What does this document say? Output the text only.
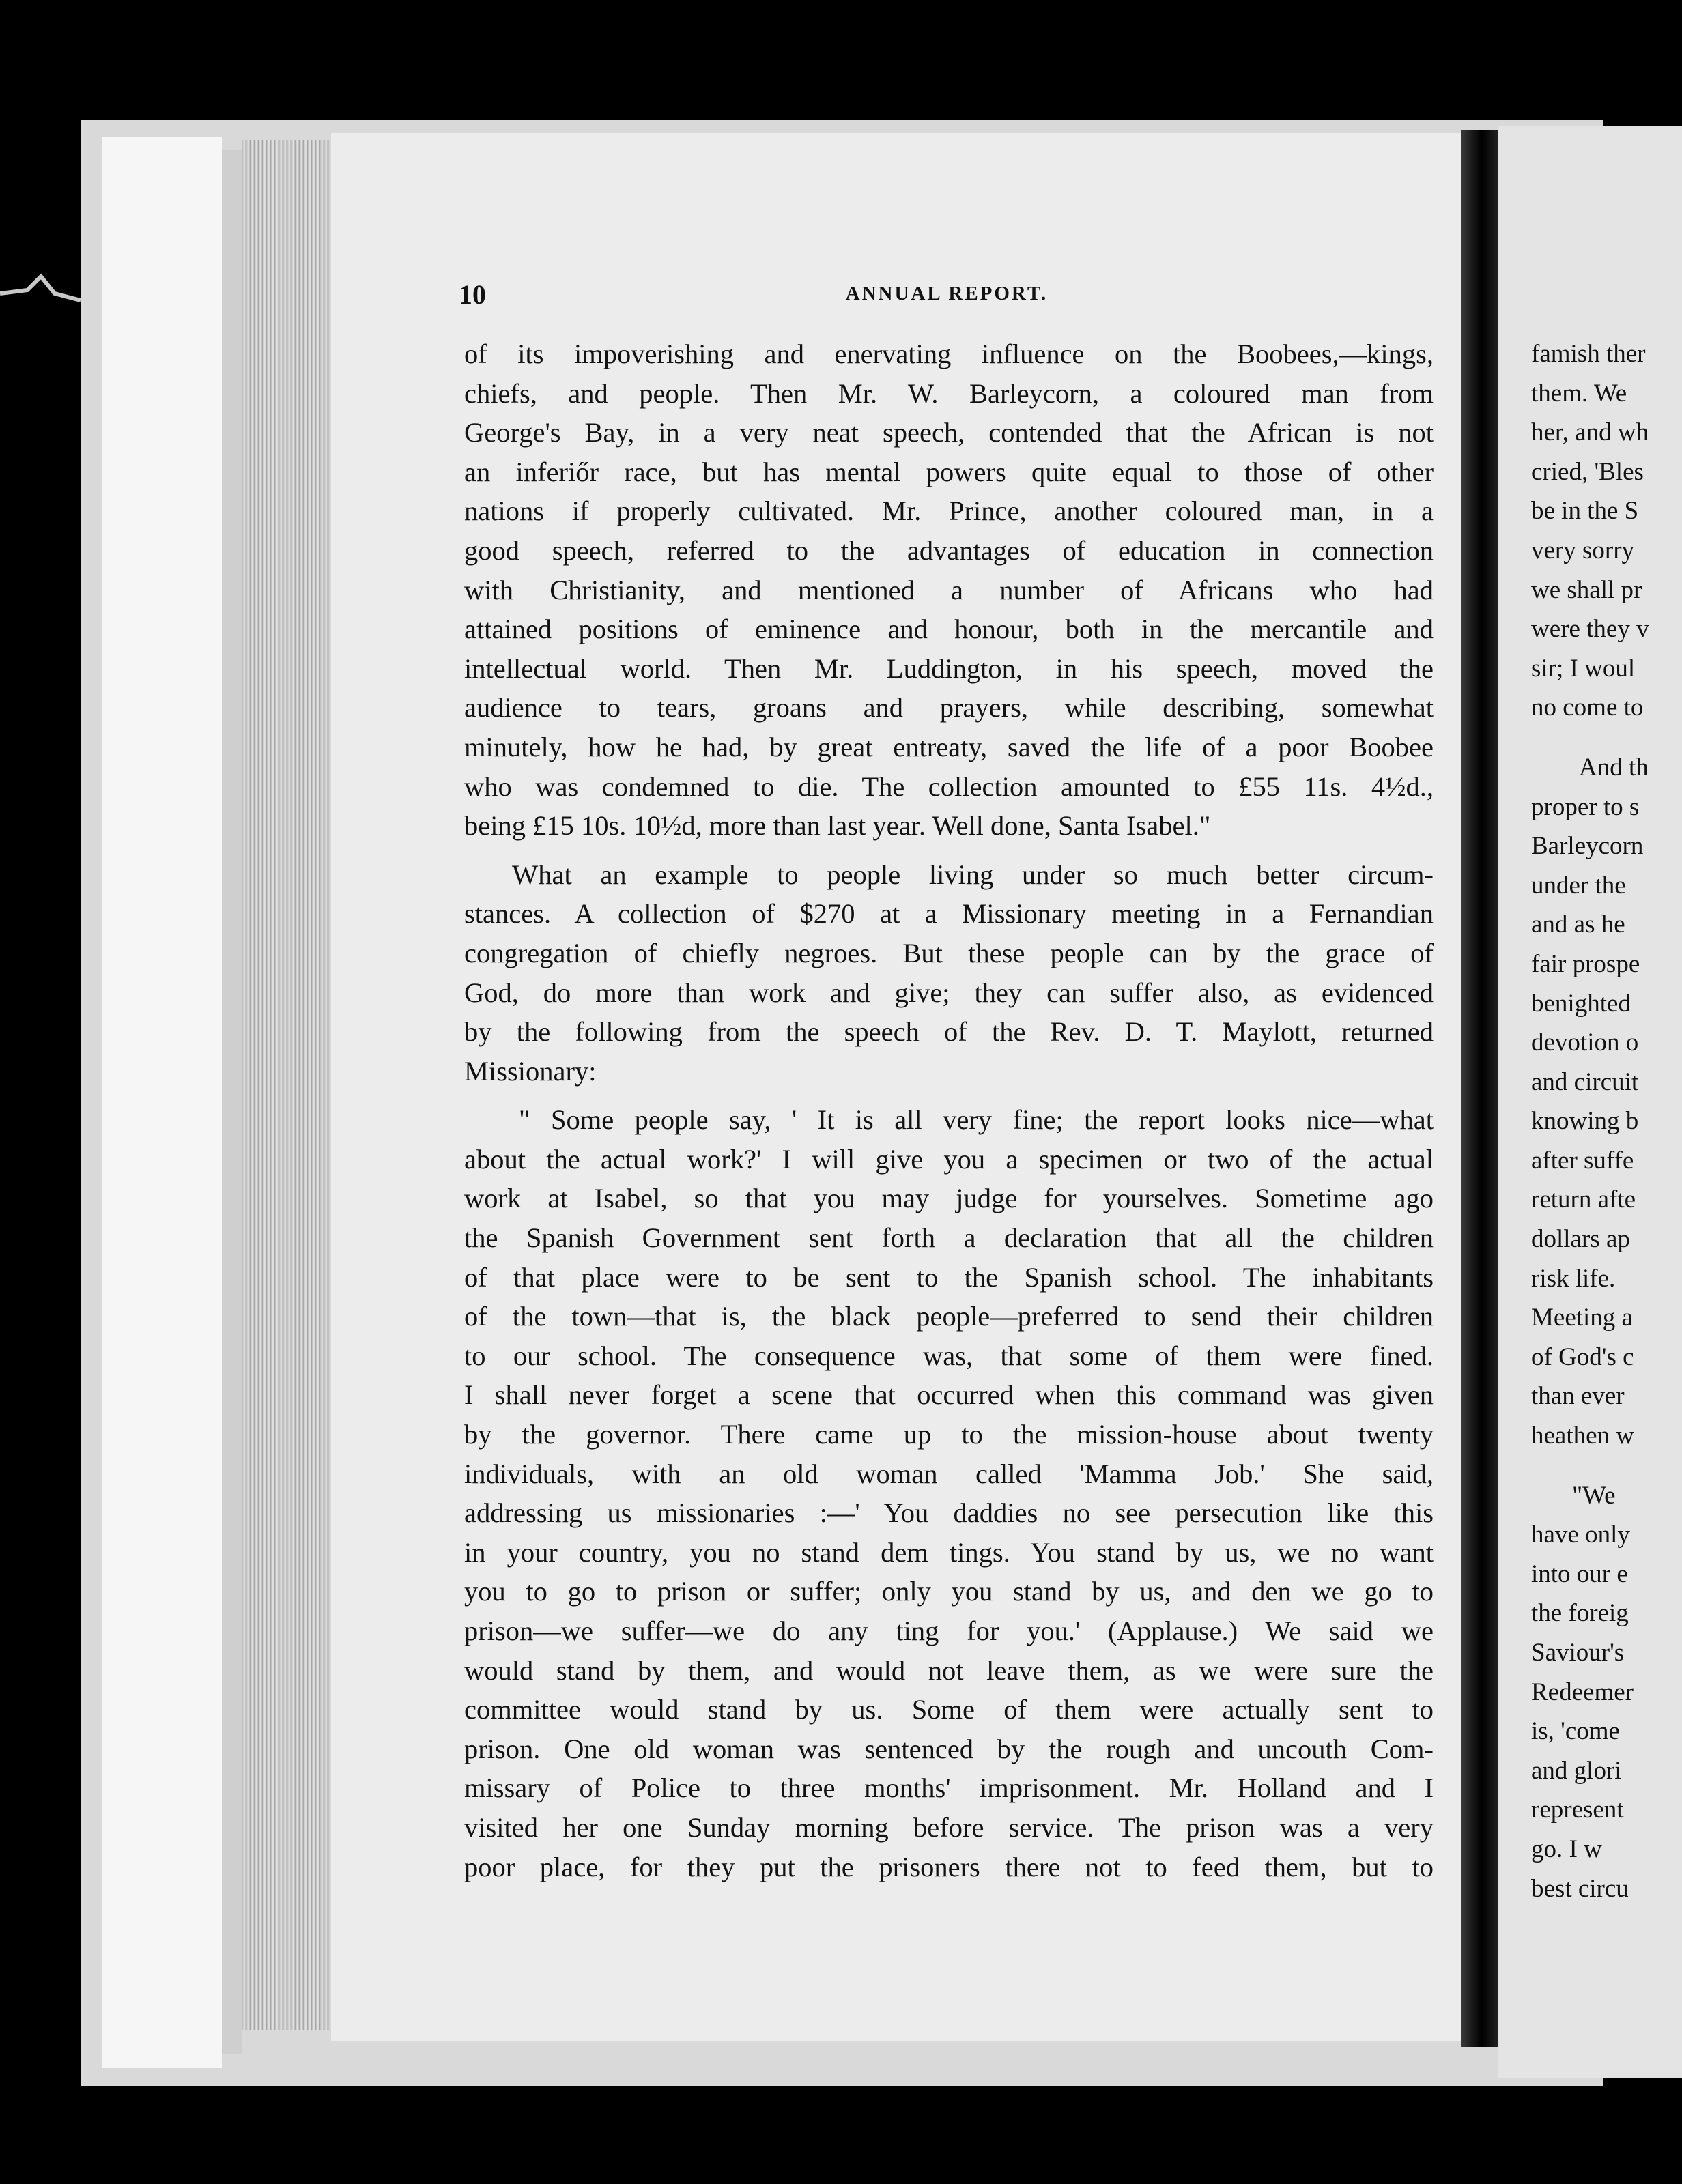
famish ther
them. We
her, and wh
cried, 'Bles
be in the S
very sorry
we shall pr
were they v
sir; I woul
no come to
And th
proper to s
Barleycorn
under the
and as he
fair prospe
benighted
devotion o
and circuit
knowing b
after suffe
return afte
dollars ap
risk life.
Meeting a
of God's c
than ever
heathen w
"We
have only
into our e
the foreig
Saviour's
Redeemer
is, 'come
and glori
represent
go. I w
best circu
10	ANNUAL REPORT.

of its impoverishing and enervating influence on the Boobees,—kings,

chiefs, and people. Then Mr. W. Barleycorn, a coloured man from

George's Bay, in a very neat speech, contended that the African is not

an inferiőr race, but has mental powers quite equal to those of other

nations if properly cultivated. Mr. Prince, another coloured man, in a

good speech, referred to the advantages of education in connection

with Christianity, and mentioned a number of Africans who had

attained positions of eminence and honour, both in the mercantile and

intellectual world. Then Mr. Luddington, in his speech, moved the

audience to tears, groans and prayers, while describing, somewhat

minutely, how he had, by great entreaty, saved the life of a poor Boobee

who was condemned to die. The collection amounted to £55 11s. 4½d.,

being £15 10s. 10½d, more than last year. Well done, Santa Isabel."

What an example to people living under so much better circum-

stances. A collection of $270 at a Missionary meeting in a Fernandian

congregation of chiefly negroes. But these people can by the grace of

God, do more than work and give; they can suffer also, as evidenced

by the following from the speech of the Rev. D. T. Maylott, returned

Missionary:

" Some people say, ' It is all very fine; the report looks nice—what

about the actual work?' I will give you a specimen or two of the actual

work at Isabel, so that you may judge for yourselves. Sometime ago

the Spanish Government sent forth a declaration that all the children

of that place were to be sent to the Spanish school. The inhabitants

of the town—that is, the black people—preferred to send their children

to our school. The consequence was, that some of them were fined.

I shall never forget a scene that occurred when this command was given

by the governor. There came up to the mission-house about twenty

individuals, with an old woman called 'Mamma Job.' She said,

addressing us missionaries :—' You daddies no see persecution like this

in your country, you no stand dem tings. You stand by us, we no want

you to go to prison or suffer; only you stand by us, and den we go to

prison—we suffer—we do any ting for you.' (Applause.) We said we

would stand by them, and would not leave them, as we were sure the

committee would stand by us. Some of them were actually sent to

prison. One old woman was sentenced by the rough and uncouth Com-

missary of Police to three months' imprisonment. Mr. Holland and I

visited her one Sunday morning before service. The prison was a very

poor place, for they put the prisoners there not to feed them, but to
